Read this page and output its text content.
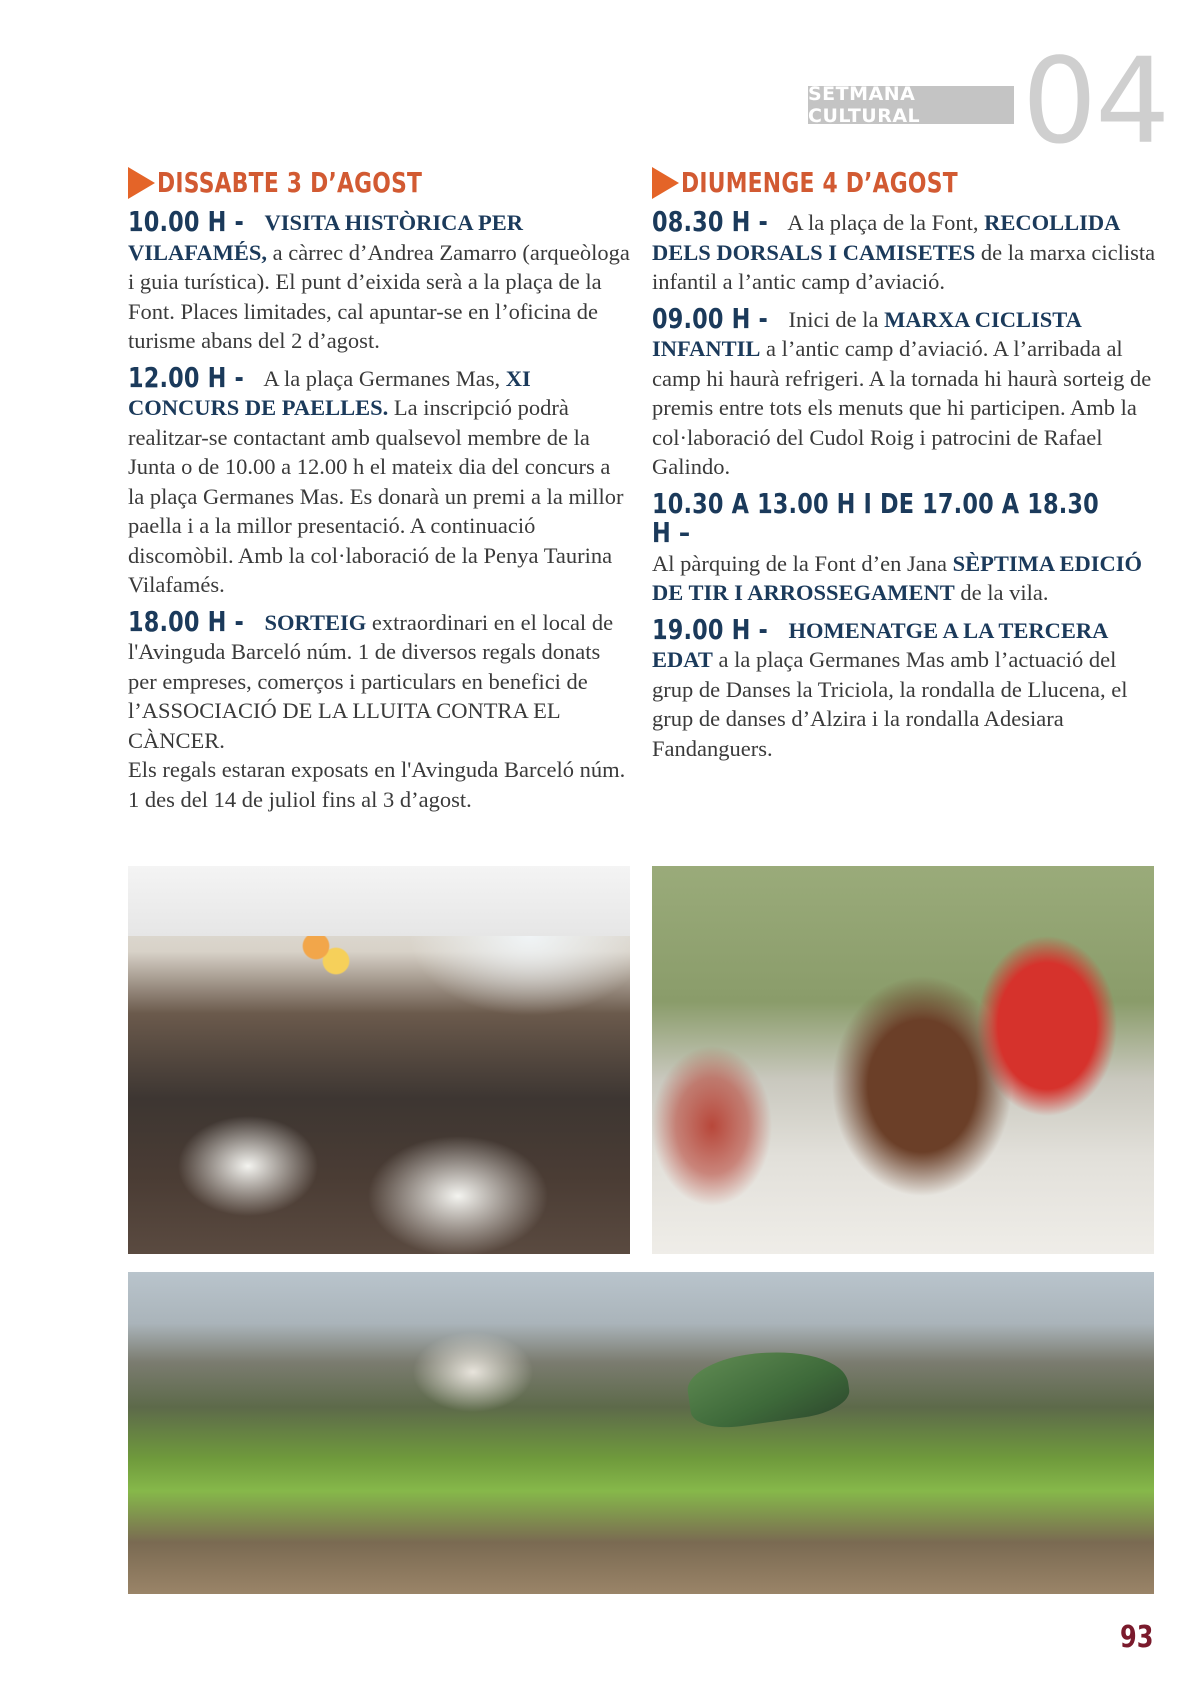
SETMANA CULTURAL 04
DISSABTE 3 D’AGOST

10.00 H - VISITA HISTÒRICA PER VILAFAMÉS, a càrrec d’Andrea Zamarro (arqueòloga i guia turística). El punt d’eixida serà a la plaça de la Font. Places limitades, cal apuntar-se en l’oficina de turisme abans del 2 d’agost.

12.00 H - A la plaça Germanes Mas, XI CONCURS DE PAELLES. La inscripció podrà realitzar-se contactant amb qualsevol membre de la Junta o de 10.00 a 12.00 h el mateix dia del concurs a la plaça Germanes Mas. Es donarà un premi a la millor paella i a la millor presentació. A continuació discomòbil. Amb la col·laboració de la Penya Taurina Vilafamés.

18.00 H - SORTEIG extraordinari en el local de l'Avinguda Barceló núm. 1 de diversos regals donats per empreses, comerços i particulars en benefici de l’ASSOCIACIÓ DE LA LLUITA CONTRA EL CÀNCER.
Els regals estaran exposats en l'Avinguda Barceló núm. 1 des del 14 de juliol fins al 3 d’agost.

DIUMENGE 4 D’AGOST

08.30 H - A la plaça de la Font, RECOLLIDA DELS DORSALS I CAMISETES de la marxa ciclista infantil a l’antic camp d’aviació.

09.00 H - Inici de la MARXA CICLISTA INFANTIL a l’antic camp d’aviació. A l’arribada al camp hi haurà refrigeri. A la tornada hi haurà sorteig de premis entre tots els menuts que hi participen. Amb la col·laboració del Cudol Roig i patrocini de Rafael Galindo.

10.30 A 13.00 H I DE 17.00 A 18.30 H –
Al pàrquing de la Font d’en Jana SÈPTIMA EDICIÓ DE TIR I ARROSSEGAMENT de la vila.

19.00 H - HOMENATGE A LA TERCERA EDAT a la plaça Germanes Mas amb l’actuació del grup de Danses la Triciola, la rondalla de Llucena, el grup de danses d’Alzira i la rondalla Adesiara Fandanguers.

93
